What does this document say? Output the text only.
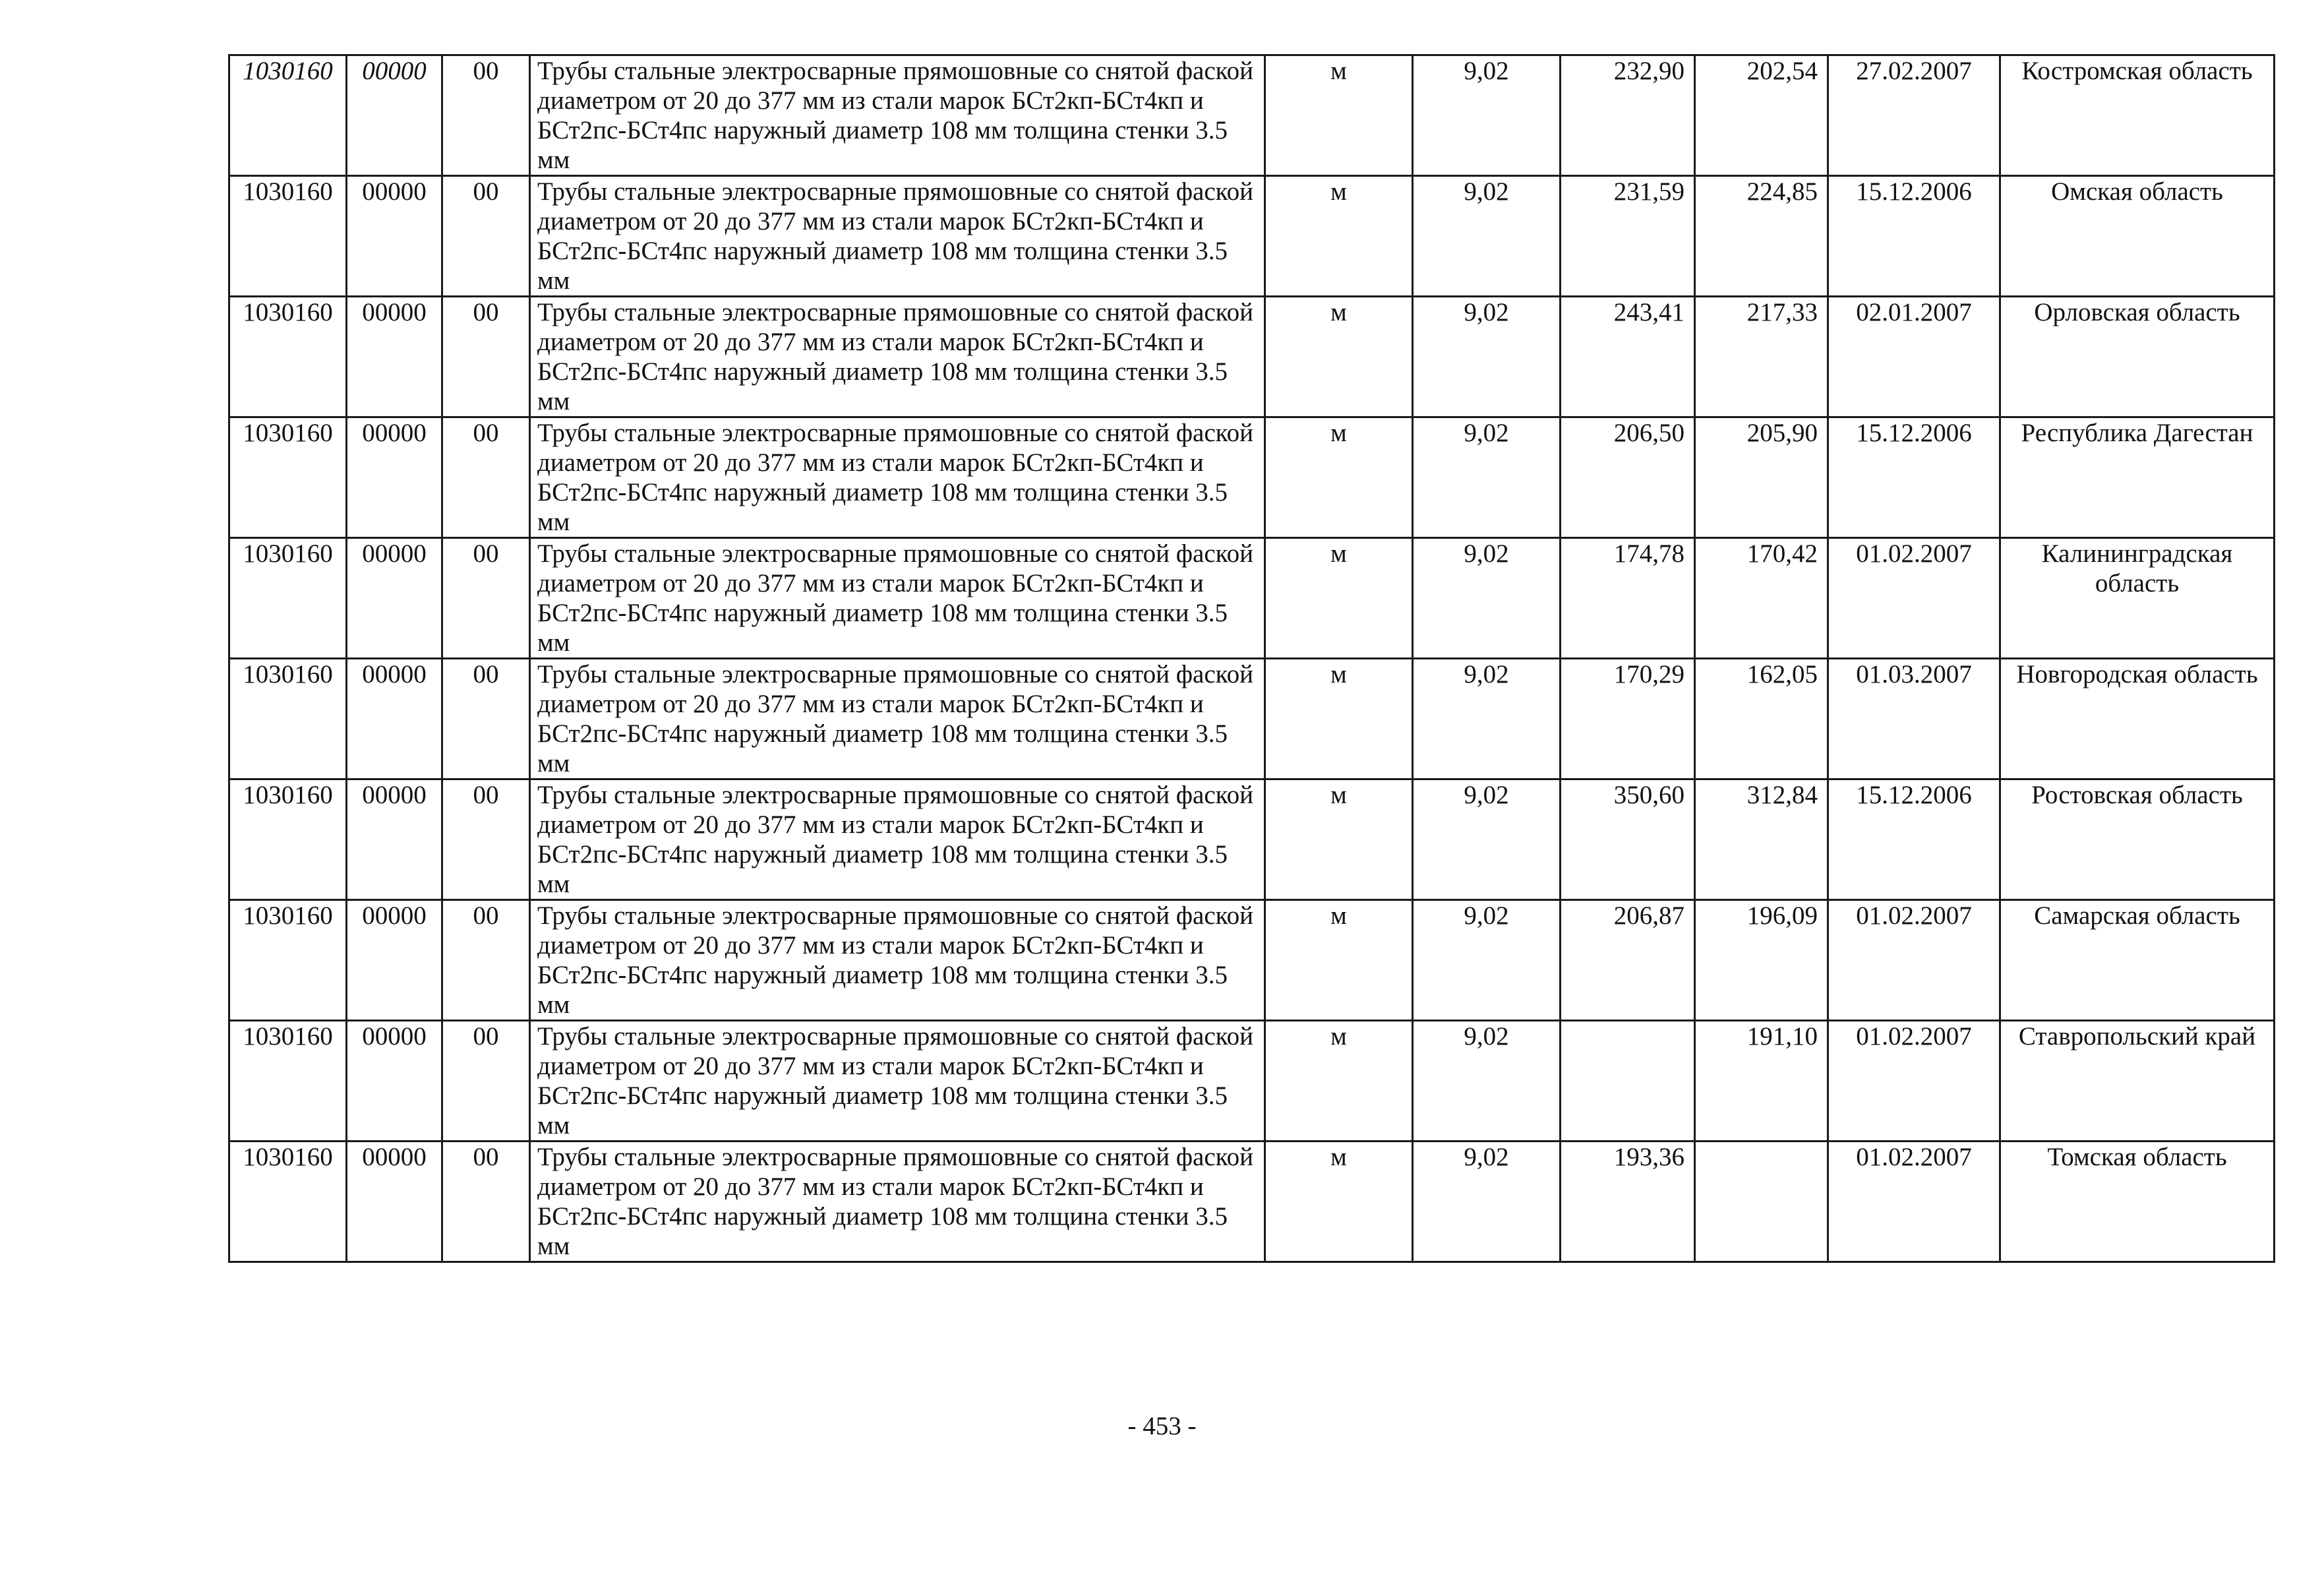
1030160	00000	00	Трубы стальные электросварные прямошовные со снятой фаской диаметром от 20 до 377 мм из стали марок БСт2кп-БСт4кп и БСт2пс-БСт4пс наружный диаметр 108 мм толщина стенки 3.5 мм	м	9,02	232,90	202,54	27.02.2007	Костромская область
1030160	00000	00	Трубы стальные электросварные прямошовные со снятой фаской диаметром от 20 до 377 мм из стали марок БСт2кп-БСт4кп и БСт2пс-БСт4пс наружный диаметр 108 мм толщина стенки 3.5 мм	м	9,02	231,59	224,85	15.12.2006	Омская область
1030160	00000	00	Трубы стальные электросварные прямошовные со снятой фаской диаметром от 20 до 377 мм из стали марок БСт2кп-БСт4кп и БСт2пс-БСт4пс наружный диаметр 108 мм толщина стенки 3.5 мм	м	9,02	243,41	217,33	02.01.2007	Орловская область
1030160	00000	00	Трубы стальные электросварные прямошовные со снятой фаской диаметром от 20 до 377 мм из стали марок БСт2кп-БСт4кп и БСт2пс-БСт4пс наружный диаметр 108 мм толщина стенки 3.5 мм	м	9,02	206,50	205,90	15.12.2006	Республика Дагестан
1030160	00000	00	Трубы стальные электросварные прямошовные со снятой фаской диаметром от 20 до 377 мм из стали марок БСт2кп-БСт4кп и БСт2пс-БСт4пс наружный диаметр 108 мм толщина стенки 3.5 мм	м	9,02	174,78	170,42	01.02.2007	Калининградская область
1030160	00000	00	Трубы стальные электросварные прямошовные со снятой фаской диаметром от 20 до 377 мм из стали марок БСт2кп-БСт4кп и БСт2пс-БСт4пс наружный диаметр 108 мм толщина стенки 3.5 мм	м	9,02	170,29	162,05	01.03.2007	Новгородская область
1030160	00000	00	Трубы стальные электросварные прямошовные со снятой фаской диаметром от 20 до 377 мм из стали марок БСт2кп-БСт4кп и БСт2пс-БСт4пс наружный диаметр 108 мм толщина стенки 3.5 мм	м	9,02	350,60	312,84	15.12.2006	Ростовская область
1030160	00000	00	Трубы стальные электросварные прямошовные со снятой фаской диаметром от 20 до 377 мм из стали марок БСт2кп-БСт4кп и БСт2пс-БСт4пс наружный диаметр 108 мм толщина стенки 3.5 мм	м	9,02	206,87	196,09	01.02.2007	Самарская область
1030160	00000	00	Трубы стальные электросварные прямошовные со снятой фаской диаметром от 20 до 377 мм из стали марок БСт2кп-БСт4кп и БСт2пс-БСт4пс наружный диаметр 108 мм толщина стенки 3.5 мм	м	9,02		191,10	01.02.2007	Ставропольский край
1030160	00000	00	Трубы стальные электросварные прямошовные со снятой фаской диаметром от 20 до 377 мм из стали марок БСт2кп-БСт4кп и БСт2пс-БСт4пс наружный диаметр 108 мм толщина стенки 3.5 мм	м	9,02	193,36		01.02.2007	Томская область
- 453 -
